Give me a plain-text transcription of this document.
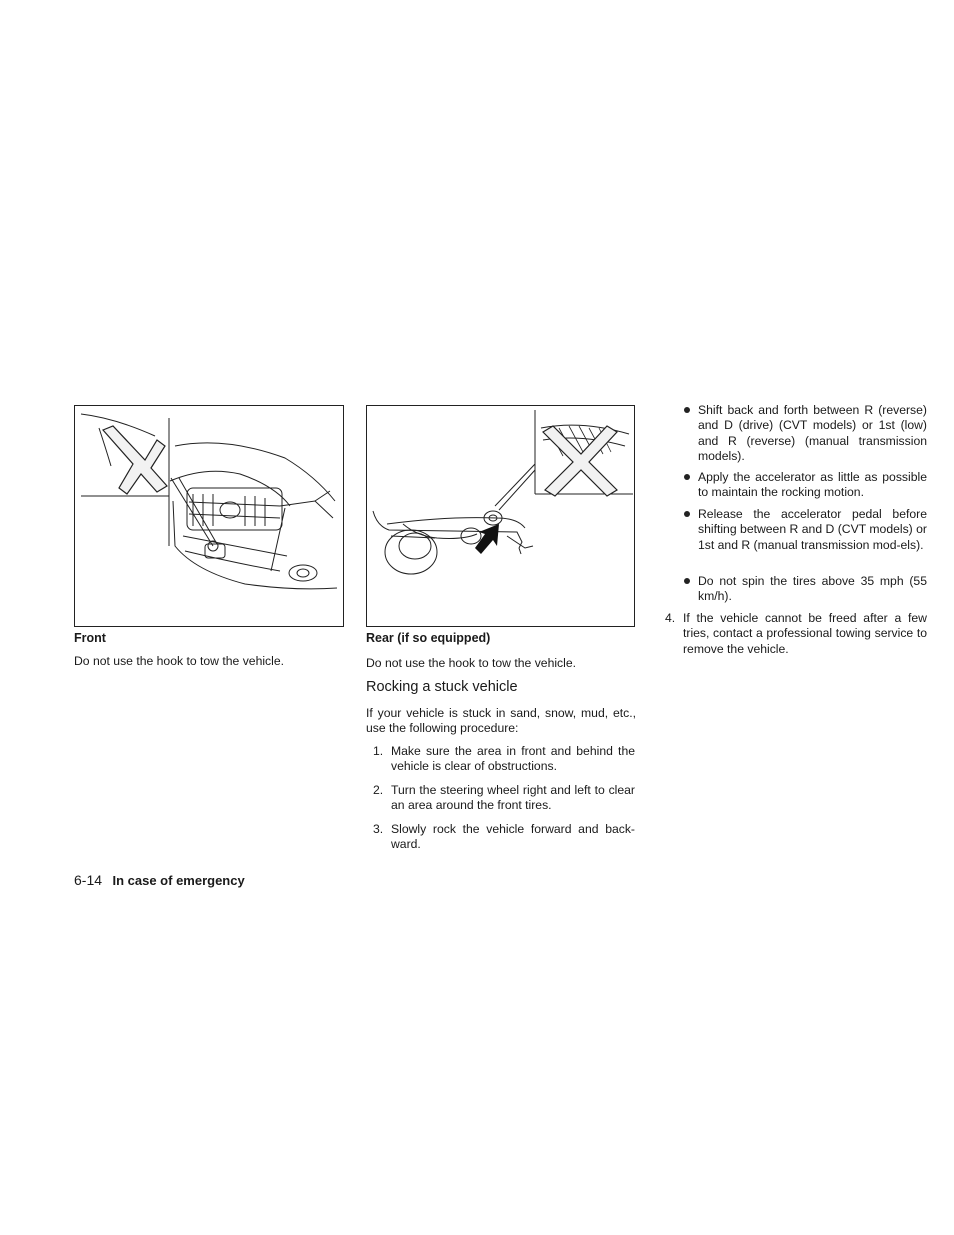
Front
Do not use the hook to tow the vehicle.
Rear (if so equipped)
Do not use the hook to tow the vehicle.
Rocking a stuck vehicle
If your vehicle is stuck in sand, snow, mud, etc., use the following procedure:
1. Make sure the area in front and behind the vehicle is clear of obstructions.
2. Turn the steering wheel right and left to clear an area around the front tires.
3. Slowly rock the vehicle forward and back-ward.
Shift back and forth between R (reverse) and D (drive) (CVT models) or 1st (low) and R (reverse) (manual transmission models).
Apply the accelerator as little as possible to maintain the rocking motion.
Release the accelerator pedal before shifting between R and D (CVT models) or 1st and R (manual transmission mod-els).
Do not spin the tires above 35 mph (55 km/h).
4. If the vehicle cannot be freed after a few tries, contact a professional towing service to remove the vehicle.
6-14 In case of emergency
